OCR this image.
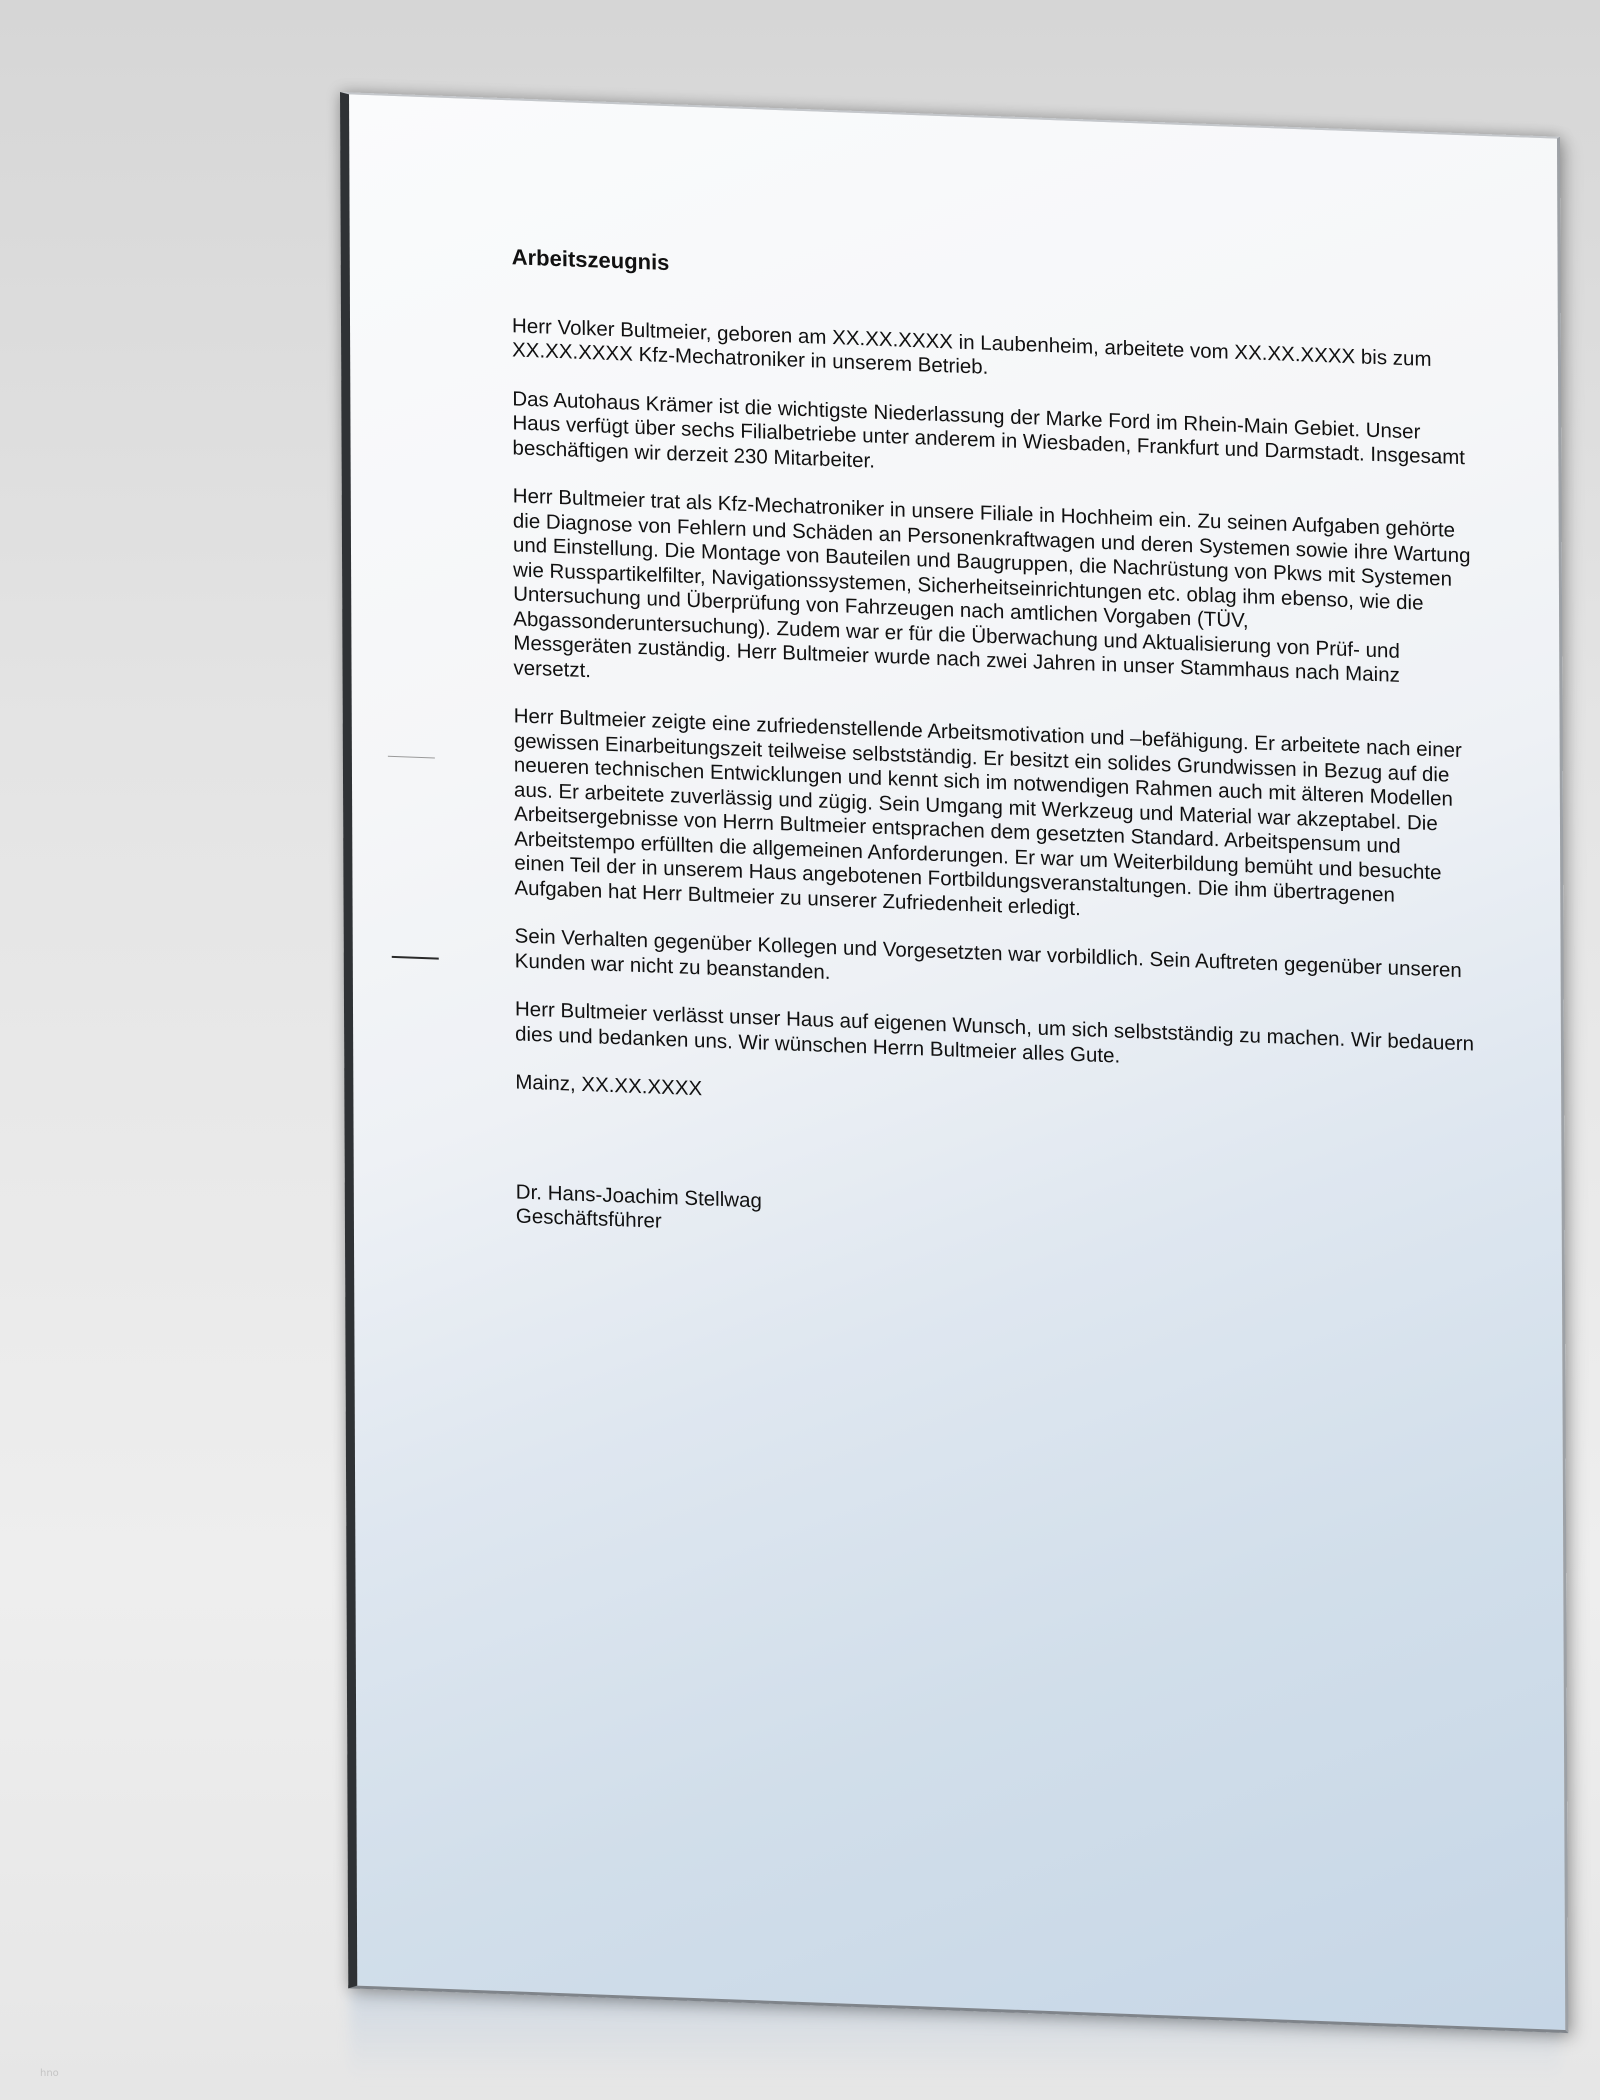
Arbeitszeugnis

Herr Volker Bultmeier, geboren am XX.XX.XXXX in Laubenheim, arbeitete vom XX.XX.XXXX bis zum XX.XX.XXXX Kfz-Mechatroniker in unserem Betrieb.

Das Autohaus Krämer ist die wichtigste Niederlassung der Marke Ford im Rhein-Main Gebiet. Unser Haus verfügt über sechs Filialbetriebe unter anderem in Wiesbaden, Frankfurt und Darmstadt. Insgesamt beschäftigen wir derzeit 230 Mitarbeiter.

Herr Bultmeier trat als Kfz-Mechatroniker in unsere Filiale in Hochheim ein. Zu seinen Aufgaben gehörte die Diagnose von Fehlern und Schäden an Personenkraftwagen und deren Systemen sowie ihre Wartung und Einstellung. Die Montage von Bauteilen und Baugruppen, die Nachrüstung von Pkws mit Systemen wie Russpartikelfilter, Navigationssystemen, Sicherheitseinrichtungen etc. oblag ihm ebenso, wie die Untersuchung und Überprüfung von Fahrzeugen nach amtlichen Vorgaben (TÜV, Abgassonderuntersuchung). Zudem war er für die Überwachung und Aktualisierung von Prüf- und Messgeräten zuständig. Herr Bultmeier wurde nach zwei Jahren in unser Stammhaus nach Mainz versetzt.

Herr Bultmeier zeigte eine zufriedenstellende Arbeitsmotivation und –befähigung. Er arbeitete nach einer gewissen Einarbeitungszeit teilweise selbstständig. Er besitzt ein solides Grundwissen in Bezug auf die neueren technischen Entwicklungen und kennt sich im notwendigen Rahmen auch mit älteren Modellen aus. Er arbeitete zuverlässig und zügig. Sein Umgang mit Werkzeug und Material war akzeptabel. Die Arbeitsergebnisse von Herrn Bultmeier entsprachen dem gesetzten Standard. Arbeitspensum und Arbeitstempo erfüllten die allgemeinen Anforderungen. Er war um Weiterbildung bemüht und besuchte einen Teil der in unserem Haus angebotenen Fortbildungsveranstaltungen. Die ihm übertragenen Aufgaben hat Herr Bultmeier zu unserer Zufriedenheit erledigt.

Sein Verhalten gegenüber Kollegen und Vorgesetzten war vorbildlich. Sein Auftreten gegenüber unseren Kunden war nicht zu beanstanden.

Herr Bultmeier verlässt unser Haus auf eigenen Wunsch, um sich selbstständig zu machen. Wir bedauern dies und bedanken uns. Wir wünschen Herrn Bultmeier alles Gute.

Mainz, XX.XX.XXXX

Dr. Hans-Joachim Stellwag

Geschäftsführer

hno
